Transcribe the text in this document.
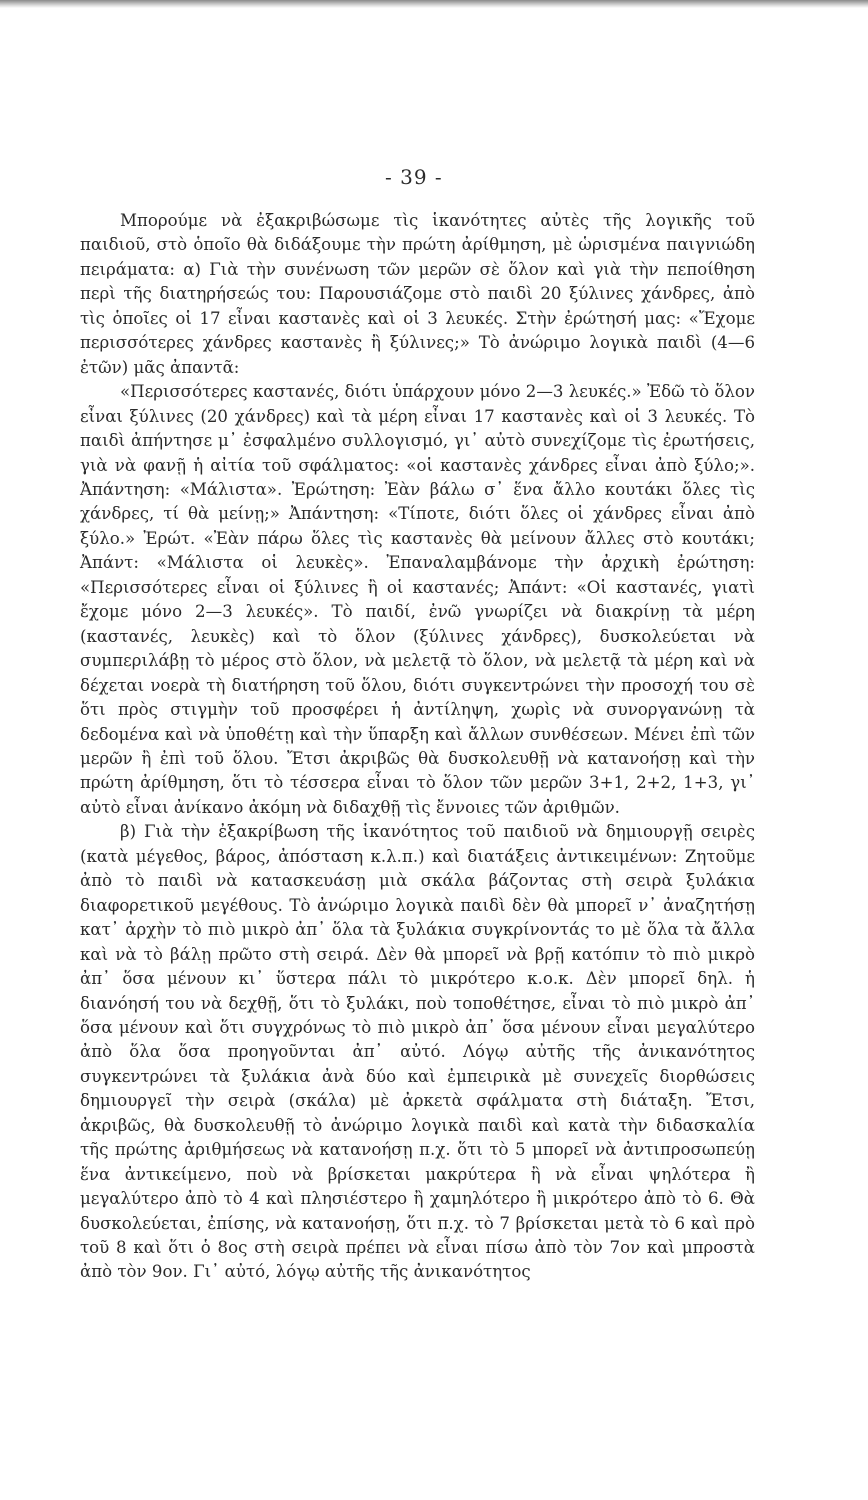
- 39 -

Μπορούμε νὰ ἐξακριβώσωμε τὶς ἱκανότητες αὐτὲς τῆς λογικῆς τοῦ παιδιοῦ, στὸ ὁποῖο θὰ διδάξουμε τὴν πρώτη ἀρίθμηση, μὲ ὡρισμένα παιγνιώδη πειράματα: α) Γιὰ τὴν συνένωση τῶν μερῶν σὲ ὅλον καὶ γιὰ τὴν πεποίθηση περὶ τῆς διατηρήσεώς του: Παρουσιάζομε στὸ παιδὶ 20 ξύλινες χάνδρες, ἀπὸ τὶς ὁποῖες οἱ 17 εἶναι καστανὲς καὶ οἱ 3 λευκές. Στὴν ἐρώτησή μας: «Ἔχομε περισσότερες χάνδρες καστανὲς ἢ ξύλινες;» Τὸ ἀνώριμο λογικὰ παιδὶ (4—6 ἐτῶν) μᾶς ἀπαντᾶ:

«Περισσότερες καστανές, διότι ὑπάρχουν μόνο 2—3 λευκές.» Ἐδῶ τὸ ὅλον εἶναι ξύλινες (20 χάνδρες) καὶ τὰ μέρη εἶναι 17 καστανὲς καὶ οἱ 3 λευκές. Τὸ παιδὶ ἀπήντησε μ᾿ ἐσφαλμένο συλλογισμό, γι᾿ αὐτὸ συνεχίζομε τὶς ἐρωτήσεις, γιὰ νὰ φανῇ ἡ αἰτία τοῦ σφάλματος: «οἱ καστανὲς χάνδρες εἶναι ἀπὸ ξύλο;». Ἀπάντηση: «Μάλιστα». Ἐρώτηση: Ἐὰν βάλω σ᾿ ἕνα ἄλλο κουτάκι ὅλες τὶς χάνδρες, τί θὰ μείνῃ;» Ἀπάντηση: «Τίποτε, διότι ὅλες οἱ χάνδρες εἶναι ἀπὸ ξύλο.» Ἐρώτ. «Ἐὰν πάρω ὅλες τὶς καστανὲς θὰ μείνουν ἄλλες στὸ κουτάκι; Ἀπάντ: «Μάλιστα οἱ λευκὲς». Ἐπαναλαμβάνομε τὴν ἀρχικὴ ἐρώτηση: «Περισσότερες εἶναι οἱ ξύλινες ἢ οἱ καστανές; Ἀπάντ: «Οἱ καστανές, γιατὶ ἔχομε μόνο 2—3 λευκές». Τὸ παιδί, ἐνῶ γνωρίζει νὰ διακρίνῃ τὰ μέρη (καστανές, λευκὲς) καὶ τὸ ὅλον (ξύλινες χάνδρες), δυσκολεύεται νὰ συμπεριλάβῃ τὸ μέρος στὸ ὅλον, νὰ μελετᾷ τὸ ὅλον, νὰ μελετᾷ τὰ μέρη καὶ νὰ δέχεται νοερὰ τὴ διατήρηση τοῦ ὅλου, διότι συγκεντρώνει τὴν προσοχή του σὲ ὅτι πρὸς στιγμὴν τοῦ προσφέρει ἡ ἀντίληψη, χωρὶς νὰ συνοργανώνῃ τὰ δεδομένα καὶ νὰ ὑποθέτῃ καὶ τὴν ὕπαρξη καὶ ἄλλων συνθέσεων. Μένει ἐπὶ τῶν μερῶν ἢ ἐπὶ τοῦ ὅλου. Ἔτσι ἀκριβῶς θὰ δυσκολευθῇ νὰ κατανοήσῃ καὶ τὴν πρώτη ἀρίθμηση, ὅτι τὸ τέσσερα εἶναι τὸ ὅλον τῶν μερῶν 3+1, 2+2, 1+3, γι᾿ αὐτὸ εἶναι ἀνίκανο ἀκόμη νὰ διδαχθῇ τὶς ἔννοιες τῶν ἀριθμῶν.

β) Γιὰ τὴν ἐξακρίβωση τῆς ἱκανότητος τοῦ παιδιοῦ νὰ δημιουργῇ σειρὲς (κατὰ μέγεθος, βάρος, ἀπόσταση κ.λ.π.) καὶ διατάξεις ἀντικειμένων: Ζητοῦμε ἀπὸ τὸ παιδὶ νὰ κατασκευάσῃ μιὰ σκάλα βάζοντας στὴ σειρὰ ξυλάκια διαφορετικοῦ μεγέθους. Τὸ ἀνώριμο λογικὰ παιδὶ δὲν θὰ μπορεῖ ν᾿ ἀναζητήσῃ κατ᾿ ἀρχὴν τὸ πιὸ μικρὸ ἀπ᾿ ὅλα τὰ ξυλάκια συγκρίνοντάς το μὲ ὅλα τὰ ἄλλα καὶ νὰ τὸ βάλῃ πρῶτο στὴ σειρά. Δὲν θὰ μπορεῖ νὰ βρῇ κατόπιν τὸ πιὸ μικρὸ ἀπ᾿ ὅσα μένουν κι᾿ ὕστερα πάλι τὸ μικρότερο κ.ο.κ. Δὲν μπορεῖ δηλ. ἡ διανόησή του νὰ δεχθῇ, ὅτι τὸ ξυλάκι, ποὺ τοποθέτησε, εἶναι τὸ πιὸ μικρὸ ἀπ᾿ ὅσα μένουν καὶ ὅτι συγχρόνως τὸ πιὸ μικρὸ ἀπ᾿ ὅσα μένουν εἶναι μεγαλύτερο ἀπὸ ὅλα ὅσα προηγοῦνται ἀπ᾿ αὐτό. Λόγῳ αὐτῆς τῆς ἀνικανότητος συγκεντρώνει τὰ ξυλάκια ἀνὰ δύο καὶ ἐμπειρικὰ μὲ συνεχεῖς διορθώσεις δημιουργεῖ τὴν σειρὰ (σκάλα) μὲ ἀρκετὰ σφάλματα στὴ διάταξη. Ἔτσι, ἀκριβῶς, θὰ δυσκολευθῇ τὸ ἀνώριμο λογικὰ παιδὶ καὶ κατὰ τὴν διδασκαλία τῆς πρώτης ἀριθμήσεως νὰ κατανοήσῃ π.χ. ὅτι τὸ 5 μπορεῖ νὰ ἀντιπροσωπεύῃ ἕνα ἀντικείμενο, ποὺ νὰ βρίσκεται μακρύτερα ἢ νὰ εἶναι ψηλότερα ἢ μεγαλύτερο ἀπὸ τὸ 4 καὶ πλησιέστερο ἢ χαμηλότερο ἢ μικρότερο ἀπὸ τὸ 6. Θὰ δυσκολεύεται, ἐπίσης, νὰ κατανοήσῃ, ὅτι π.χ. τὸ 7 βρίσκεται μετὰ τὸ 6 καὶ πρὸ τοῦ 8 καὶ ὅτι ὁ 8ος στὴ σειρὰ πρέπει νὰ εἶναι πίσω ἀπὸ τὸν 7ον καὶ μπροστὰ ἀπὸ τὸν 9ον. Γι᾿ αὐτό, λόγῳ αὐτῆς τῆς ἀνικανότητος
